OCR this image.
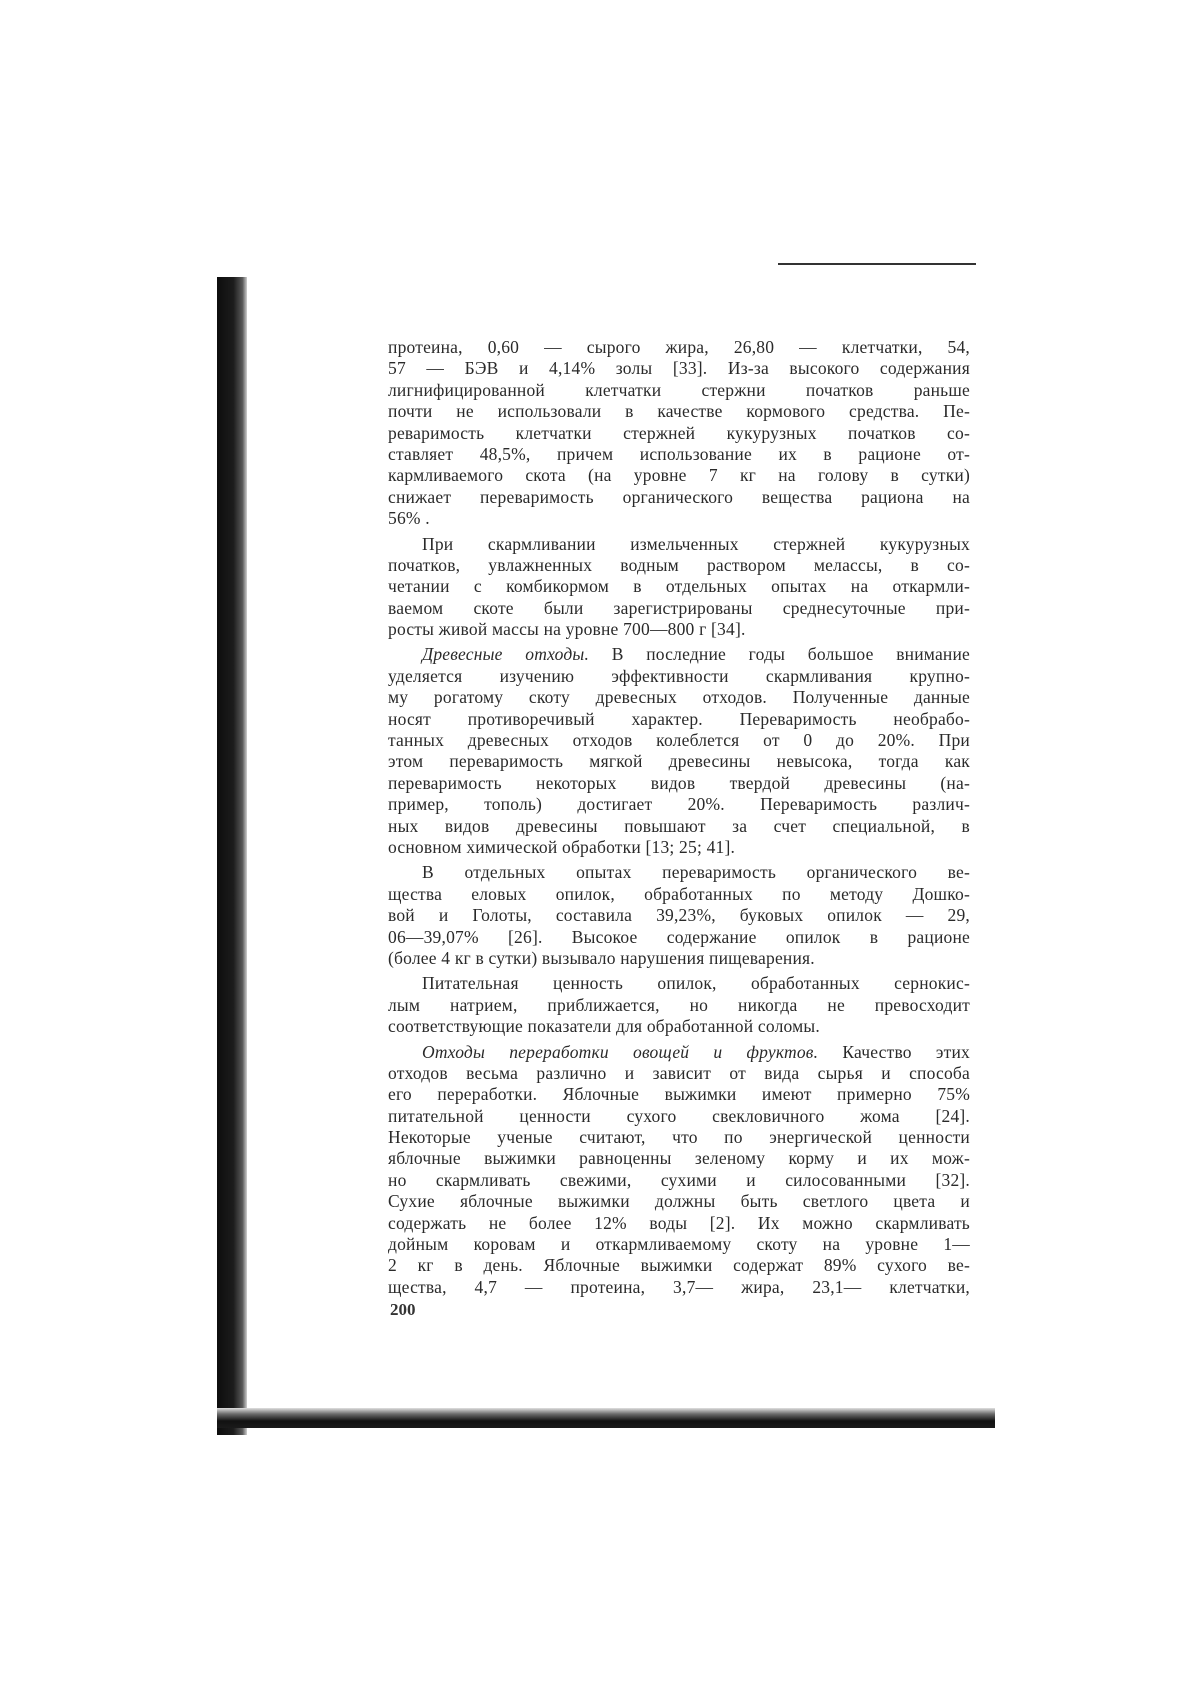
протеина, 0,60 — сырого жира, 26,80 — клетчатки, 54,
57 — БЭВ и 4,14% золы [33]. Из-за высокого содержания
лигнифицированной клетчатки стержни початков раньше
почти не использовали в качестве кормового средства. Пе-
реваримость клетчатки стержней кукурузных початков со-
ставляет 48,5%, причем использование их в рационе от-
кармливаемого скота (на уровне 7 кг на голову в сутки)
снижает переваримость органического вещества рациона на
56% .
При скармливании измельченных стержней кукурузных
початков, увлажненных водным раствором мелассы, в со-
четании с комбикормом в отдельных опытах на откармли-
ваемом скоте были зарегистрированы среднесуточные при-
росты живой массы на уровне 700—800 г [34].
Древесные отходы. В последние годы большое внимание
уделяется изучению эффективности скармливания крупно-
му рогатому скоту древесных отходов. Полученные данные
носят противоречивый характер. Переваримость необрабо-
танных древесных отходов колеблется от 0 до 20%. При
этом переваримость мягкой древесины невысока, тогда как
переваримость некоторых видов твердой древесины (на-
пример, тополь) достигает 20%. Переваримость различ-
ных видов древесины повышают за счет специальной, в
основном химической обработки [13; 25; 41].
В отдельных опытах переваримость органического ве-
щества еловых опилок, обработанных по методу Дошко-
вой и Голоты, составила 39,23%, буковых опилок — 29,
06—39,07% [26]. Высокое содержание опилок в рационе
(более 4 кг в сутки) вызывало нарушения пищеварения.
Питательная ценность опилок, обработанных сернокис-
лым натрием, приближается, но никогда не превосходит
соответствующие показатели для обработанной соломы.
Отходы переработки овощей и фруктов. Качество этих
отходов весьма различно и зависит от вида сырья и способа
его переработки. Яблочные выжимки имеют примерно 75%
питательной ценности сухого свекловичного жома [24].
Некоторые ученые считают, что по энергической ценности
яблочные выжимки равноценны зеленому корму и их мож-
но скармливать свежими, сухими и силосованными [32].
Сухие яблочные выжимки должны быть светлого цвета и
содержать не более 12% воды [2]. Их можно скармливать
дойным коровам и откармливаемому скоту на уровне 1—
2 кг в день. Яблочные выжимки содержат 89% сухого ве-
щества, 4,7 — протеина, 3,7— жира, 23,1— клетчатки,
200
